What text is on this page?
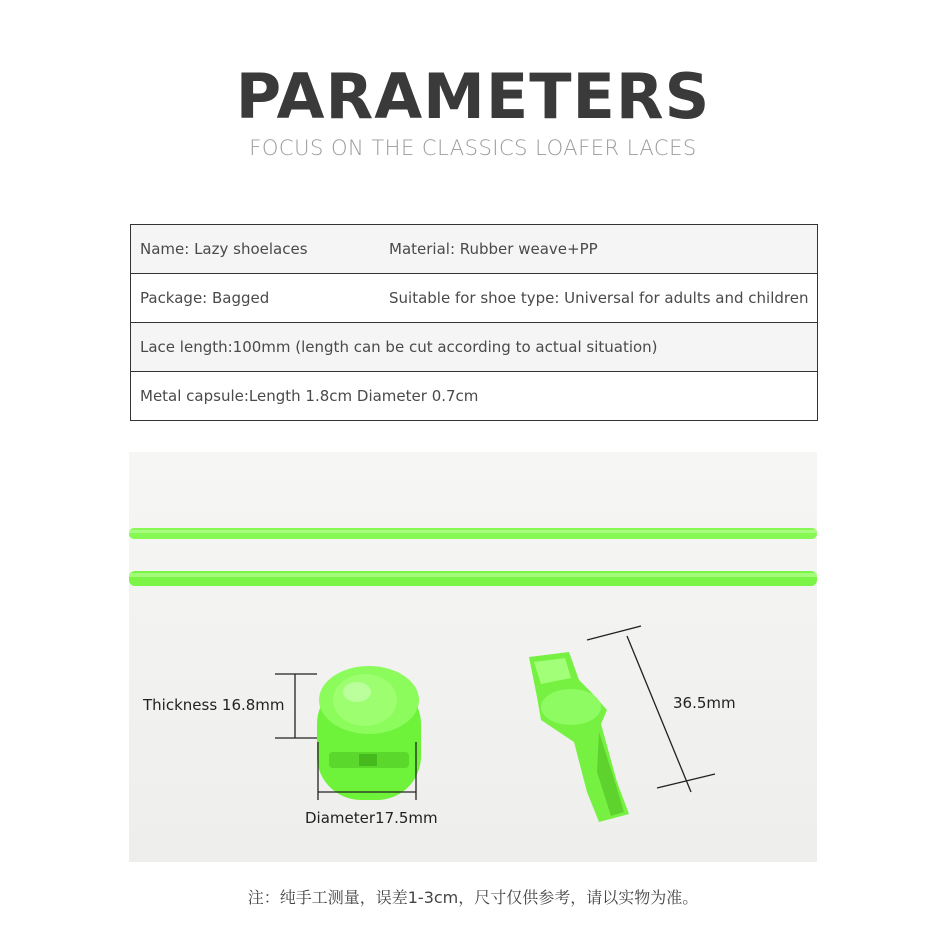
PARAMETERS
FOCUS ON THE CLASSICS LOAFER LACES
Name: Lazy shoelaces	Material: Rubber weave+PP
Package: Bagged	Suitable for shoe type: Universal for adults and children
Lace length:100mm (length can be cut according to actual situation)	
Metal capsule:Length 1.8cm Diameter 0.7cm	
Thickness 16.8mm
Diameter17.5mm
36.5mm
注：纯手工测量，误差1-3cm，尺寸仅供参考，请以实物为准。
